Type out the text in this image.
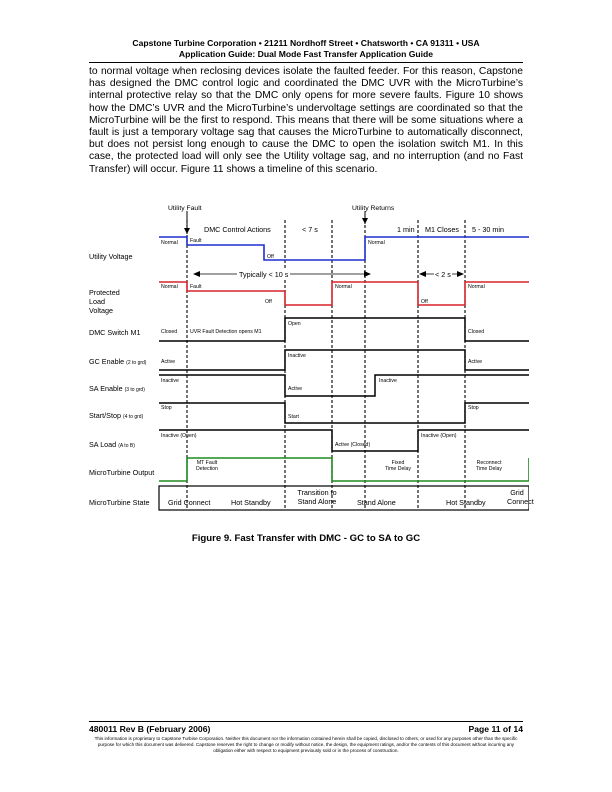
Capstone Turbine Corporation • 21211 Nordhoff Street • Chatsworth • CA 91311 • USA
Application Guide: Dual Mode Fast Transfer Application Guide
to normal voltage when reclosing devices isolate the faulted feeder. For this reason, Capstone has designed the DMC control logic and coordinated the DMC UVR with the MicroTurbine’s internal protective relay so that the DMC only opens for more severe faults. Figure 10 shows how the DMC’s UVR and the MicroTurbine’s undervoltage settings are coordinated so that the MicroTurbine will be the first to respond. This means that there will be some situations where a fault is just a temporary voltage sag that causes the MicroTurbine to automatically disconnect, but does not persist long enough to cause the DMC to open the isolation switch M1. In this case, the protected load will only see the Utility voltage sag, and no interruption (and no Fast Transfer) will occur. Figure 11 shows a timeline of this scenario.
Utility Fault	Utility Returns
DMC Control Actions	< 7 s	1 min M1 Closes 5 - 30 min
Typically < 10 s	< 2 s
Utility Voltage
Protected Load
Voltage
DMC Switch M1
GC Enable (2 to grd)
SA Enable (3 to grd)
Start/Stop (4 to grd)
SA Load (A to B)
MicroTurbine Output
MicroTurbine State
Normal Fault
Off
Normal
Normal Fault
Off
Normal
Off
Normal
Closed UVR Fault Detection opens M1
Open
Closed
Active
Inactive
Active
Inactive
Active
Inactive
Stop
Start
Stop
Inactive (Open)
Active (Closed)
Inactive (Open)
MT Fault
Detection
Fixed
Time Delay
Reconnect
Time Delay
Grid Connect	Hot Standby
Transition to
Stand Alone	Stand Alone	Hot Standby
Grid
Connect
Figure 9. Fast Transfer with DMC - GC to SA to GC
480011 Rev B (February 2006)	Page 11 of 14
This information is proprietary to Capstone Turbine Corporation. Neither this document nor the information contained herein shall be copied, disclosed to others, or used for any purposes other than the specific purpose for which this document was delivered. Capstone reserves the right to change or modify without notice, the design, the equipment ratings, and/or the contents of this document without incurring any obligation either with respect to equipment previously sold or in the process of construction.
